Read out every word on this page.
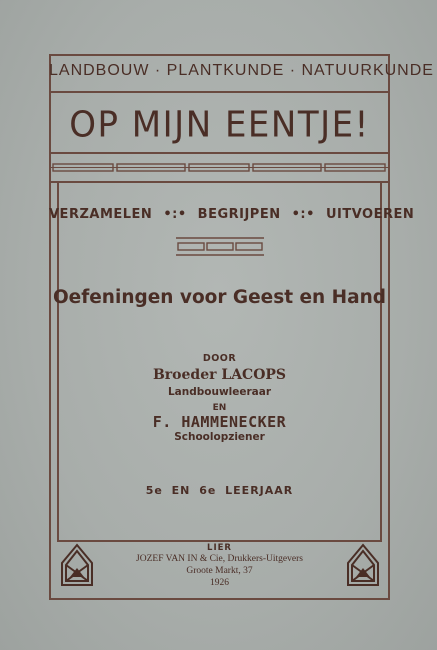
LANDBOUW · PLANTKUNDE · NATUURKUNDE
OP MIJN EENTJE!
VERZAMELEN •:• BEGRIJPEN •:• UITVOEREN
Oefeningen voor Geest en Hand
DOOR
Broeder LACOPS
Landbouwleeraar
EN
F. HAMMENECKER
Schoolopziener
5e EN 6e LEERJAAR
LIER
JOZEF VAN IN & Cie, Drukkers-Uitgevers
Groote Markt, 37
1926
